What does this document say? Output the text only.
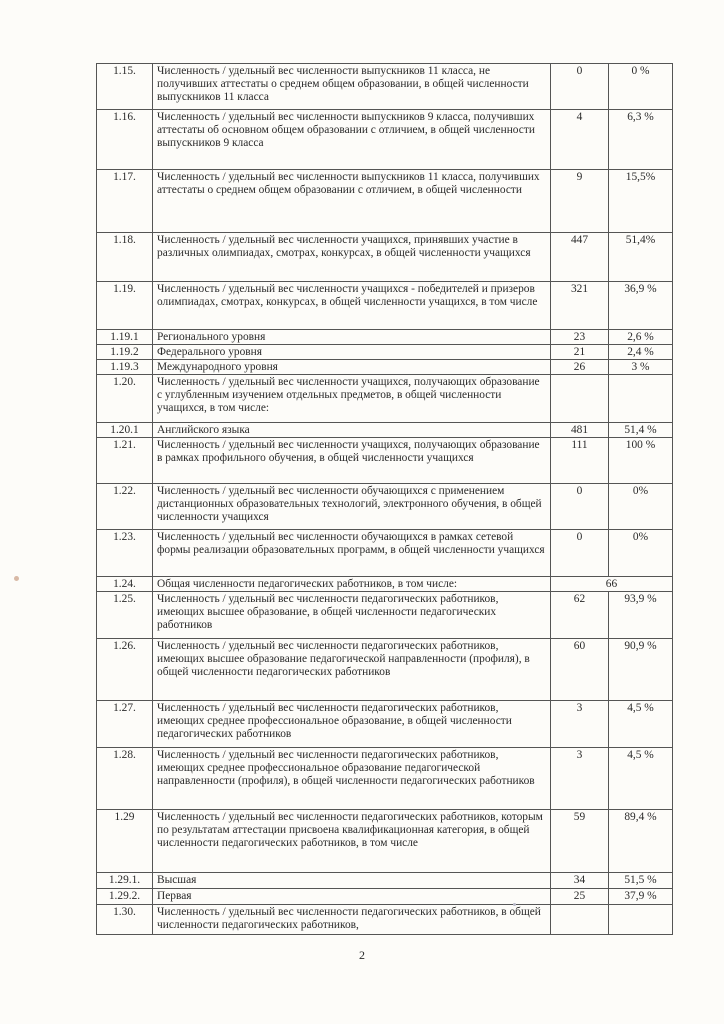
1.15.	Численность / удельный вес численности выпускников 11 класса, не получивших аттестаты о среднем общем образовании, в общей численности выпускников 11 класса	0	0 %
1.16.	Численность / удельный вес численности выпускников 9 класса, получивших аттестаты об основном общем образовании с отличием, в общей численности выпускников 9 класса	4	6,3 %
1.17.	Численность / удельный вес численности выпускников 11 класса, получивших аттестаты о среднем общем образовании с отличием, в общей численности	9	15,5%
1.18.	Численность / удельный вес численности учащихся, принявших участие в различных олимпиадах, смотрах, конкурсах, в общей численности учащихся	447	51,4%
1.19.	Численность / удельный вес численности учащихся - победителей и призеров олимпиадах, смотрах, конкурсах, в общей численности учащихся, в том числе	321	36,9 %
1.19.1	Регионального уровня	23	2,6 %
1.19.2	Федерального уровня	21	2,4 %
1.19.3	Международного уровня	26	3 %
1.20.	Численность / удельный вес численности учащихся, получающих образование с углубленным изучением отдельных предметов, в общей численности учащихся, в том числе:		
1.20.1	Английского языка	481	51,4 %
1.21.	Численность / удельный вес численности учащихся, получающих образование в рамках профильного обучения, в общей численности учащихся	111	100 %
1.22.	Численность / удельный вес численности обучающихся с применением дистанционных образовательных технологий, электронного обучения, в общей численности учащихся	0	0%
1.23.	Численность / удельный вес численности обучающихся в рамках сетевой формы реализации образовательных программ, в общей численности учащихся	0	0%
1.24.	Общая численности педагогических работников, в том числе:	66	
1.25.	Численность / удельный вес численности педагогических работников, имеющих высшее образование, в общей численности педагогических работников	62	93,9 %
1.26.	Численность / удельный вес численности педагогических работников, имеющих высшее образование педагогической направленности (профиля), в общей численности педагогических работников	60	90,9 %
1.27.	Численность / удельный вес численности педагогических работников, имеющих среднее профессиональное образование, в общей численности педагогических работников	3	4,5 %
1.28.	Численность / удельный вес численности педагогических работников, имеющих среднее профессиональное образование педагогической направленности (профиля), в общей численности педагогических работников	3	4,5 %
1.29	Численность / удельный вес численности педагогических работников, которым по результатам аттестации присвоена квалификационная категория, в общей численности педагогических работников, в том числе	59	89,4 %
1.29.1.	Высшая	34	51,5 %
1.29.2.	Первая	25	37,9 %
1.30.	Численность / удельный вес численности педагогических работников, в общей численности педагогических работников,		
2
